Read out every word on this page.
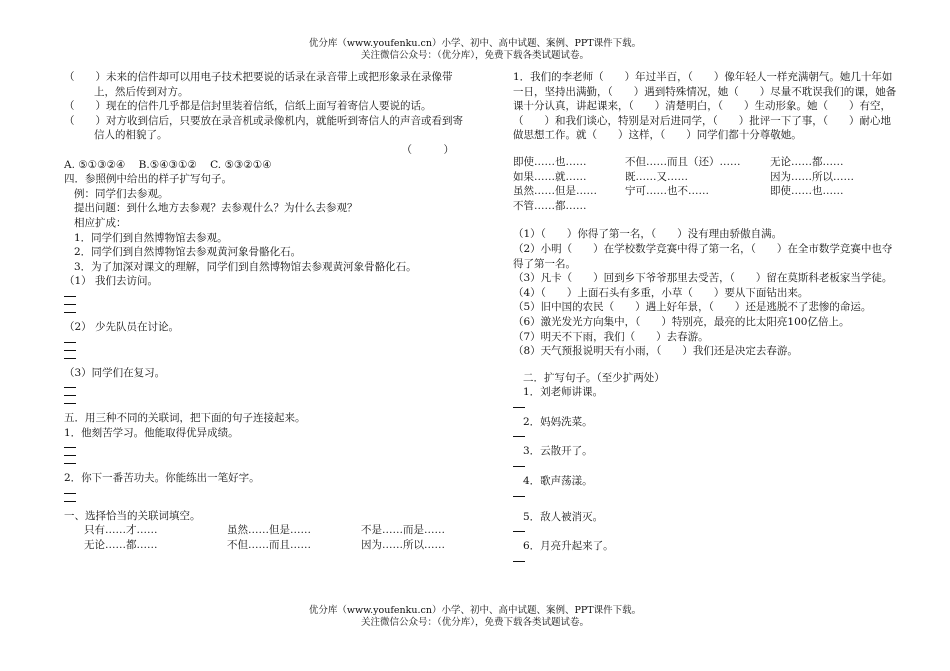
优分库（www.youfenku.cn）小学、初中、高中试题、案例、PPT课件下载。
关注微信公众号：（优分库），免费下载各类试题试卷。
（　　）未来的信件却可以用电子技术把要说的话录在录音带上或把形象录在录像带上，然后传到对方。
（　　）现在的信件几乎都是信封里装着信纸，信纸上面写着寄信人要说的话。
（　　）对方收到信后，只要放在录音机或录像机内，就能听到寄信人的声音或看到寄信人的相貌了。
（　　　）
A. ⑤①③②④    B.⑤④③①②    C. ⑤③②①④
四．参照例中给出的样子扩写句子。
例：同学们去参观。
提出问题：到什么地方去参观？去参观什么？为什么去参观？
相应扩成：
1．同学们到自然博物馆去参观。
2．同学们到自然博物馆去参观黄河象骨骼化石。
3．为了加深对课文的理解，同学们到自然博物馆去参观黄河象骨骼化石。
（1） 我们去访问。
（2） 少先队员在讨论。
（3）同学们在复习。
五．用三种不同的关联词，把下面的句子连接起来。
1．他刻苦学习。他能取得优异成绩。
2．你下一番苦功夫。你能练出一笔好字。
一、选择恰当的关联词填空。
只有……才……	虽然……但是……	不是……而是……
无论……都……	不但……而且……	因为……所以……
1．我们的李老师（　　）年过半百，（　　）像年轻人一样充满朝气。她几十年如一日，坚持出满勤，（　　）遇到特殊情况，她（　　）尽量不耽误我们的课，她备课十分认真，讲起课来，（　　）清楚明白，（　　）生动形象。她（　　）有空，（　　）和我们谈心，特别是对后进同学，（　　）批评一下了事，（　　）耐心地做思想工作。就（　　）这样，（　　）同学们都十分尊敬她。
即使……也……	不但……而且（还）……	无论……都……
如果……就……	既……又……	因为……所以……
虽然……但是……	宁可……也不……	即使……也……
不管……都……
（1）（　　）你得了第一名，（　　）没有理由骄傲自满。
（2）小明（　　）在学校数学竞赛中得了第一名，（　　）在全市数学竞赛中也夺得了第一名。
（3）凡卡（　　）回到乡下爷爷那里去受苦，（　　）留在莫斯科老板家当学徒。
（4）（　　）上面石头有多重，小草（　　）要从下面钻出来。
（5）旧中国的农民（　　）遇上好年景，（　　）还是逃脱不了悲惨的命运。
（6）激光发光方向集中，（　　）特别亮，最亮的比太阳亮100亿倍上。
（7）明天不下雨，我们（　　）去春游。
（8）天气预报说明天有小雨，（　　）我们还是决定去春游。
二．扩写句子。（至少扩两处）
1．刘老师讲课。
2．妈妈洗菜。
3．云散开了。
4．歌声荡漾。
5．敌人被消灭。
6．月亮升起来了。
优分库（www.youfenku.cn）小学、初中、高中试题、案例、PPT课件下载。
关注微信公众号：（优分库），免费下载各类试题试卷。
